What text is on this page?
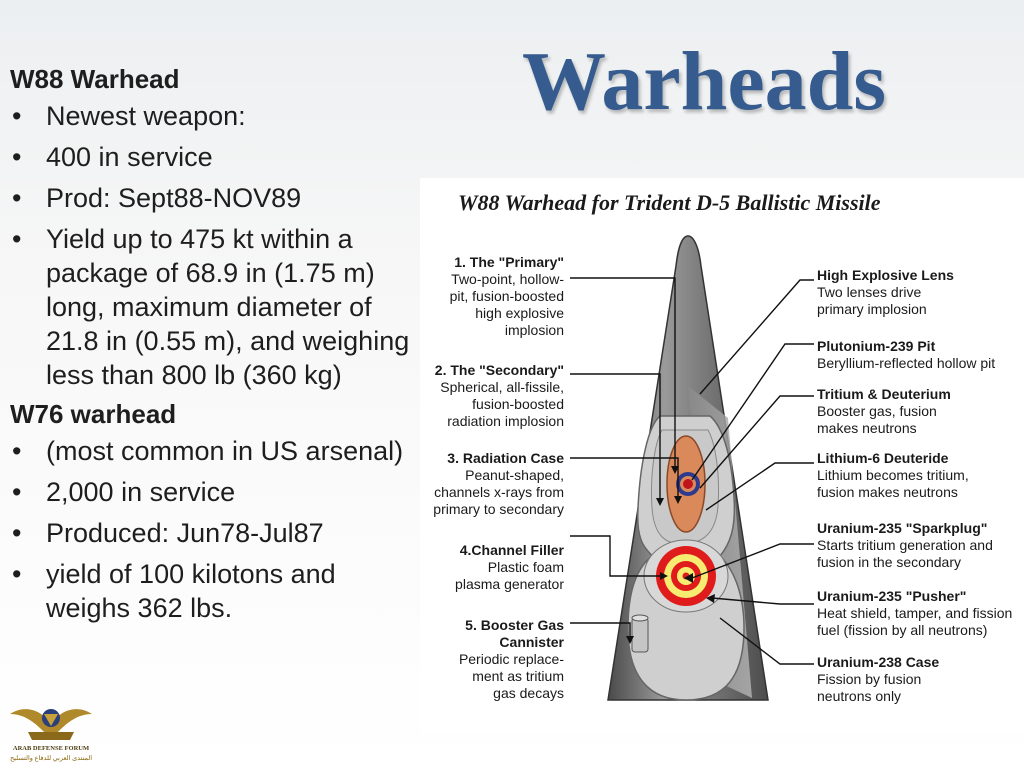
Warheads
W88 Warhead
• Newest weapon:
• 400 in service
• Prod: Sept88-NOV89
• Yield up to 475 kt within a package of 68.9 in (1.75 m) long, maximum diameter of 21.8 in (0.55 m), and weighing less than 800 lb (360 kg)
W76 warhead
• (most common in US arsenal)
• 2,000 in service
• Produced: Jun78-Jul87
• yield of 100 kilotons and weighs 362 lbs.
W88 Warhead for Trident D-5 Ballistic Missile
1. The "Primary"
Two-point, hollow-
pit, fusion-boosted
high explosive
implosion
2. The "Secondary"
Spherical, all-fissile,
fusion-boosted
radiation implosion
3. Radiation Case
Peanut-shaped,
channels x-rays from
primary to secondary
4.Channel Filler
Plastic foam
plasma generator
5. Booster Gas
Cannister
Periodic replace-
ment as tritium
gas decays
High Explosive Lens
Two lenses drive
primary implosion
Plutonium-239 Pit
Beryllium-reflected hollow pit
Tritium & Deuterium
Booster gas, fusion
makes neutrons
Lithium-6 Deuteride
Lithium becomes tritium,
fusion makes neutrons
Uranium-235 "Sparkplug"
Starts tritium generation and
fusion in the secondary
Uranium-235 "Pusher"
Heat shield, tamper, and fission
fuel (fission by all neutrons)
Uranium-238 Case
Fission by fusion
neutrons only
ARAB DEFENSE FORUM
المنتدى العربي للدفاع والتسليح
